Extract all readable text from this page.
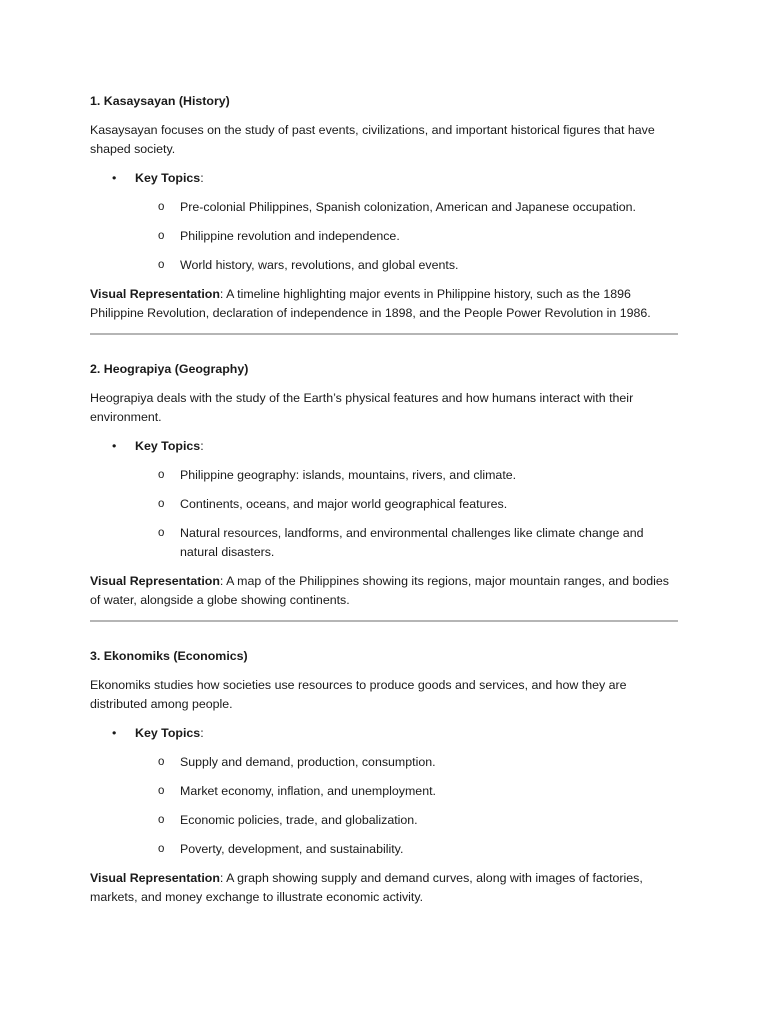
1. Kasaysayan (History)
Kasaysayan focuses on the study of past events, civilizations, and important historical figures that have shaped society.
• Key Topics:
o Pre-colonial Philippines, Spanish colonization, American and Japanese occupation.
o Philippine revolution and independence.
o World history, wars, revolutions, and global events.
Visual Representation: A timeline highlighting major events in Philippine history, such as the 1896 Philippine Revolution, declaration of independence in 1898, and the People Power Revolution in 1986.
2. Heograpiya (Geography)
Heograpiya deals with the study of the Earth’s physical features and how humans interact with their environment.
• Key Topics:
o Philippine geography: islands, mountains, rivers, and climate.
o Continents, oceans, and major world geographical features.
o Natural resources, landforms, and environmental challenges like climate change and natural disasters.
Visual Representation: A map of the Philippines showing its regions, major mountain ranges, and bodies of water, alongside a globe showing continents.
3. Ekonomiks (Economics)
Ekonomiks studies how societies use resources to produce goods and services, and how they are distributed among people.
• Key Topics:
o Supply and demand, production, consumption.
o Market economy, inflation, and unemployment.
o Economic policies, trade, and globalization.
o Poverty, development, and sustainability.
Visual Representation: A graph showing supply and demand curves, along with images of factories, markets, and money exchange to illustrate economic activity.
